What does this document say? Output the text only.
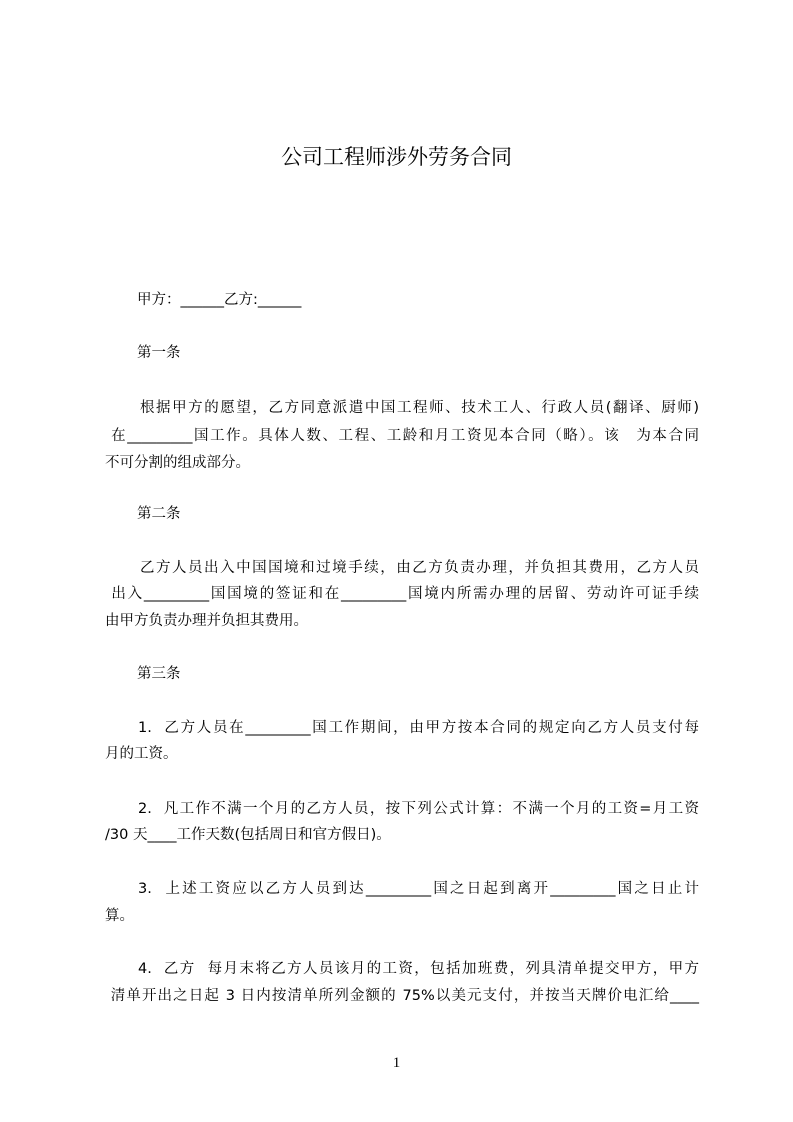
公司工程师涉外劳务合同
甲方：______乙方:______
第一条
根据甲方的愿望，乙方同意派遣中国工程师、技术工人、行政人员(翻译、厨师)
在_________国工作。具体人数、工程、工龄和月工资见本合同（略）。该　为本合同
不可分割的组成部分。
第二条
乙方人员出入中国国境和过境手续，由乙方负责办理，并负担其费用，乙方人员
出入_________国国境的签证和在_________国境内所需办理的居留、劳动许可证手续
由甲方负责办理并负担其费用。
第三条
1.  乙方人员在_________国工作期间，由甲方按本合同的规定向乙方人员支付每
月的工资。
2.  凡工作不满一个月的乙方人员，按下列公式计算：不满一个月的工资=月工资
/30 天____工作天数(包括周日和官方假日)。
3.  上述工资应以乙方人员到达_________国之日起到离开_________国之日止计
算。
4.  乙方  每月末将乙方人员该月的工资，包括加班费，列具清单提交甲方，甲方
清单开出之日起 3 日内按清单所列金额的 75%以美元支付，并按当天牌价电汇给____
1
